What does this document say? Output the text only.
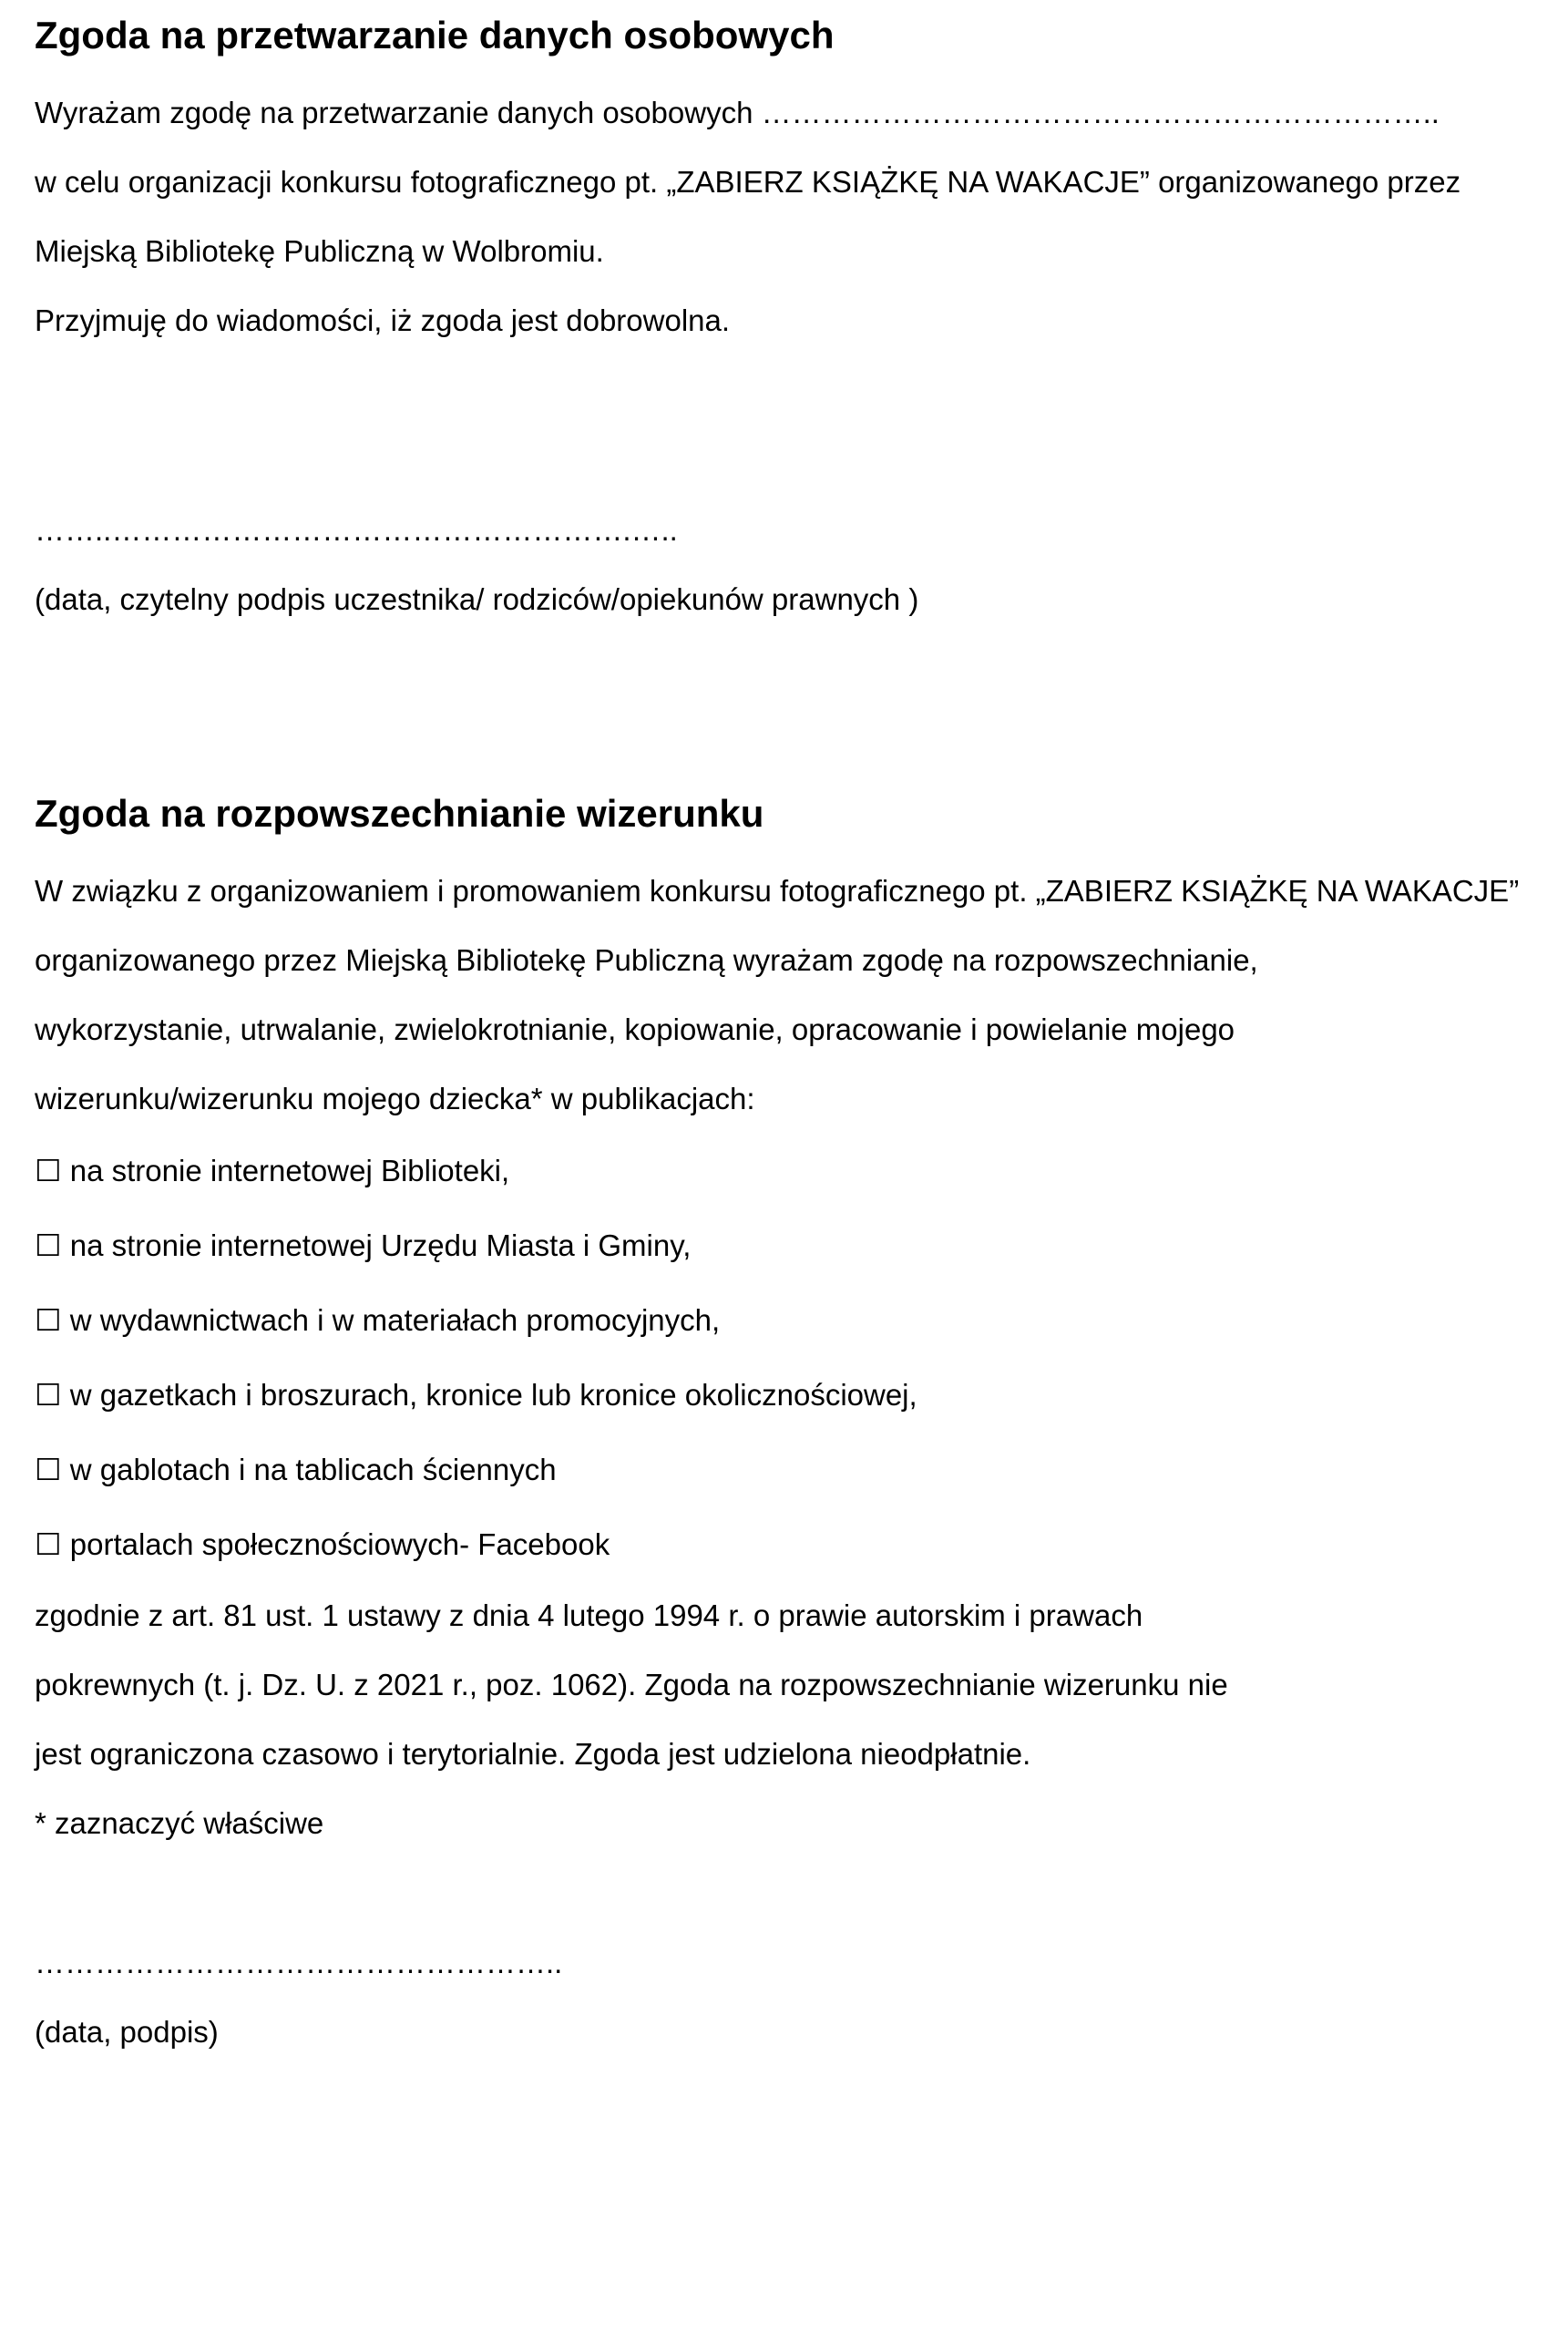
Zgoda na przetwarzanie danych osobowych
Wyrażam zgodę na przetwarzanie danych osobowych …………………………………………………………..
w celu organizacji konkursu fotograficznego pt. „ZABIERZ KSIĄŻKĘ NA WAKACJE” organizowanego przez
Miejską Bibliotekę Publiczną w Wolbromiu.
Przyjmuję do wiadomości, iż zgoda jest dobrowolna.
……..…………………………………………….…..
(data, czytelny podpis uczestnika/ rodziców/opiekunów prawnych )
Zgoda na rozpowszechnianie wizerunku
W związku z organizowaniem i promowaniem konkursu fotograficznego pt. „ZABIERZ KSIĄŻKĘ NA WAKACJE”
organizowanego przez Miejską Bibliotekę Publiczną wyrażam zgodę na rozpowszechnianie,
wykorzystanie, utrwalanie, zwielokrotnianie, kopiowanie, opracowanie i powielanie mojego
wizerunku/wizerunku mojego dziecka* w publikacjach:
☐ na stronie internetowej Biblioteki,
☐ na stronie internetowej Urzędu Miasta i Gminy,
☐ w wydawnictwach i w materiałach promocyjnych,
☐ w gazetkach i broszurach, kronice lub kronice okolicznościowej,
☐ w gablotach i na tablicach ściennych
☐ portalach społecznościowych- Facebook
zgodnie z art. 81 ust. 1 ustawy z dnia 4 lutego 1994 r. o prawie autorskim i prawach
pokrewnych (t. j. Dz. U. z 2021 r., poz. 1062). Zgoda na rozpowszechnianie wizerunku nie
jest ograniczona czasowo i terytorialnie. Zgoda jest udzielona nieodpłatnie.
* zaznaczyć właściwe
……………………………………………..
(data, podpis)
